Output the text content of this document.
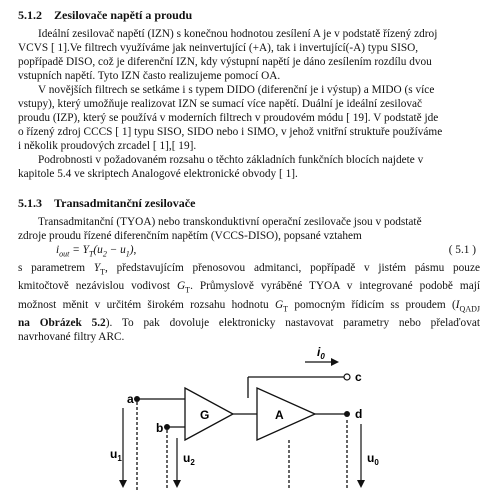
5.1.2 Zesilovače napětí a proudu
Ideální zesilovač napětí (IZN) s konečnou hodnotou zesílení A je v podstatě řízený zdroj
VCVS [ 1].Ve filtrech využíváme jak neinvertující (+A), tak i invertující(-A) typu SISO,
popřípadě DISO, což je diferenční IZN, kdy výstupní napětí je dáno zesílením rozdílu dvou
vstupních napětí. Tyto IZN často realizujeme pomocí OA.
V novějších filtrech se setkáme i s typem DIDO (diferenční je i výstup) a MIDO (s více
vstupy), který umožňuje realizovat IZN se sumací více napětí. Duální je ideální zesilovač
proudu (IZP), který se používá v moderních filtrech v proudovém módu [ 19]. V podstatě jde
o řízený zdroj CCCS [ 1] typu SISO, SIDO nebo i SIMO, v jehož vnitřní struktuře používáme
i několik proudových zrcadel [ 1],[ 19].
Podrobnosti v požadovaném rozsahu o těchto základních funkčních blocích najdete v
kapitole 5.4 ve skriptech Analogové elektronické obvody [ 1].
5.1.3 Transadmitanční zesilovače
Transadmitanční (TYOA) nebo transkonduktivní operační zesilovače jsou v podstatě
zdroje proudu řízené diferenčním napětím (VCCS-DISO), popsané vztahem
$i_{out} = Y_T(u_2 - u_1)$,	( 5.1 )
s parametrem $Y_T$, představujícím přenosovou admitanci, popřípadě v jistém pásmu pouze
kmitočtově nezávislou vodivost $G_T$. Průmyslově vyráběné TYOA v integrované podobě mají
možnost měnit v určitém širokém rozsahu hodnotu $G_T$ pomocným řídicím ss proudem ($I_{QADJ}$
na Obrázek 5.2). To pak dovoluje elektronicky nastavovat parametry nebo přelaďovat
navrhované filtry ARC.
a
b
c
d
G	A
$i_0$
$u_1$	$u_2$	$u_0$
